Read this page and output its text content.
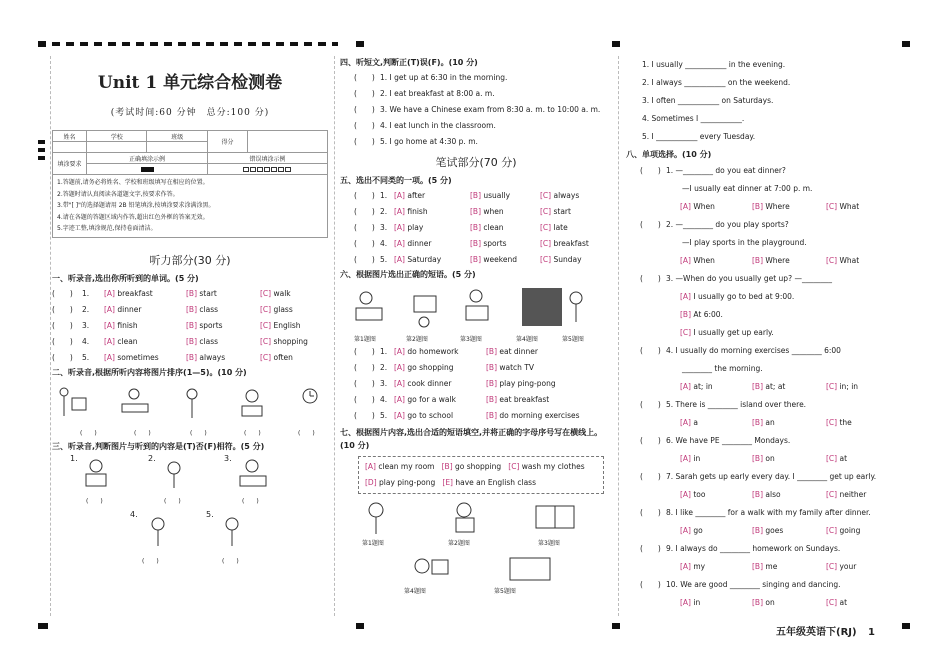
Unit 1 单元综合检测卷
(考试时间:60 分钟　总分:100 分)
姓名	学校	班级	得分	

填涂要求	正确填涂示例		错误填涂示例	

1.答题前,请务必将姓名、学校和班级填写在相应的位置。
2.答题时请认真阅读各道题文字,按要求作答。
3.带"[ ]"的选择题请用 2B 铅笔填涂,按填涂要求涂满涂黑。
4.请在各题的答题区域内作答,超出红色外框的答案无效。
5.字迹工整,填涂规范,保持卷面清洁。
听力部分(30 分)
一、听录音,选出你所听到的单词。(5 分)
(　　) 1. [A] breakfast	[B] start	[C] walk
(　　) 2. [A] dinner	[B] class	[C] glass
(　　) 3. [A] finish	[B] sports	[C] English
(　　) 4. [A] clean	[B] class	[C] shopping
(　　) 5. [A] sometimes	[B] always	[C] often
二、听录音,根据所听内容将图片排序(1—5)。(10 分)
(　　)	(　　)	(　　)	(　　)	(　　)
三、听录音,判断图片与听到的内容是(T)否(F)相符。(5 分)
1.	2.	3.
4.	5.
(　　)	(　　)	(　　)
(　　)	(　　)
四、听短文,判断正(T)误(F)。(10 分)
(　　) 1. I get up at 6:30 in the morning.
(　　) 2. I eat breakfast at 8:00 a. m.
(　　) 3. We have a Chinese exam from 8:30 a. m. to 10:00 a. m.
(　　) 4. I eat lunch in the classroom.
(　　) 5. I go home at 4:30 p. m.
笔试部分(70 分)
五、选出不同类的一项。(5 分)
(　　) 1. [A] after	[B] usually	[C] always
(　　) 2. [A] finish	[B] when	[C] start
(　　) 3. [A] play	[B] clean	[C] late
(　　) 4. [A] dinner	[B] sports	[C] breakfast
(　　) 5. [A] Saturday	[B] weekend	[C] Sunday
六、根据图片选出正确的短语。(5 分)
第1题图	第2题图	第3题图	第4题图	第5题图
(　　) 1. [A] do homework	[B] eat dinner
(　　) 2. [A] go shopping	[B] watch TV
(　　) 3. [A] cook dinner	[B] play ping-pong
(　　) 4. [A] go for a walk	[B] eat breakfast
(　　) 5. [A] go to school	[B] do morning exercises
七、根据图片内容,选出合适的短语填空,并将正确的字母序号写在横线上。(10 分)
[A] clean my room [B] go shopping [C] wash my clothes
[D] play ping-pong [E] have an English class
第1题图	第2题图	第3题图
第4题图	第5题图
1. I usually ___________ in the evening.
2. I always ___________ on the weekend.
3. I often ___________ on Saturdays.
4. Sometimes I ___________.
5. I ___________ every Tuesday.
八、单项选择。(10 分)
(　　) 1. —________ do you eat dinner?
—I usually eat dinner at 7:00 p. m.
[A] When	[B] Where	[C] What
(　　) 2. —________ do you play sports?
—I play sports in the playground.
[A] When	[B] Where	[C] What
(　　) 3. —When do you usually get up? —________
[A] I usually go to bed at 9:00.
[B] At 6:00.
[C] I usually get up early.
(　　) 4. I usually do morning exercises ________ 6:00
________ the morning.
[A] at; in	[B] at; at	[C] in; in
(　　) 5. There is ________ island over there.
[A] a	[B] an	[C] the
(　　) 6. We have PE ________ Mondays.
[A] in	[B] on	[C] at
(　　) 7. Sarah gets up early every day. I ________ get up early.
[A] too	[B] also	[C] neither
(　　) 8. I like ________ for a walk with my family after dinner.
[A] go	[B] goes	[C] going
(　　) 9. I always do ________ homework on Sundays.
[A] my	[B] me	[C] your
(　　) 10. We are good ________ singing and dancing.
[A] in	[B] on	[C] at
五年级英语下(RJ) 1
